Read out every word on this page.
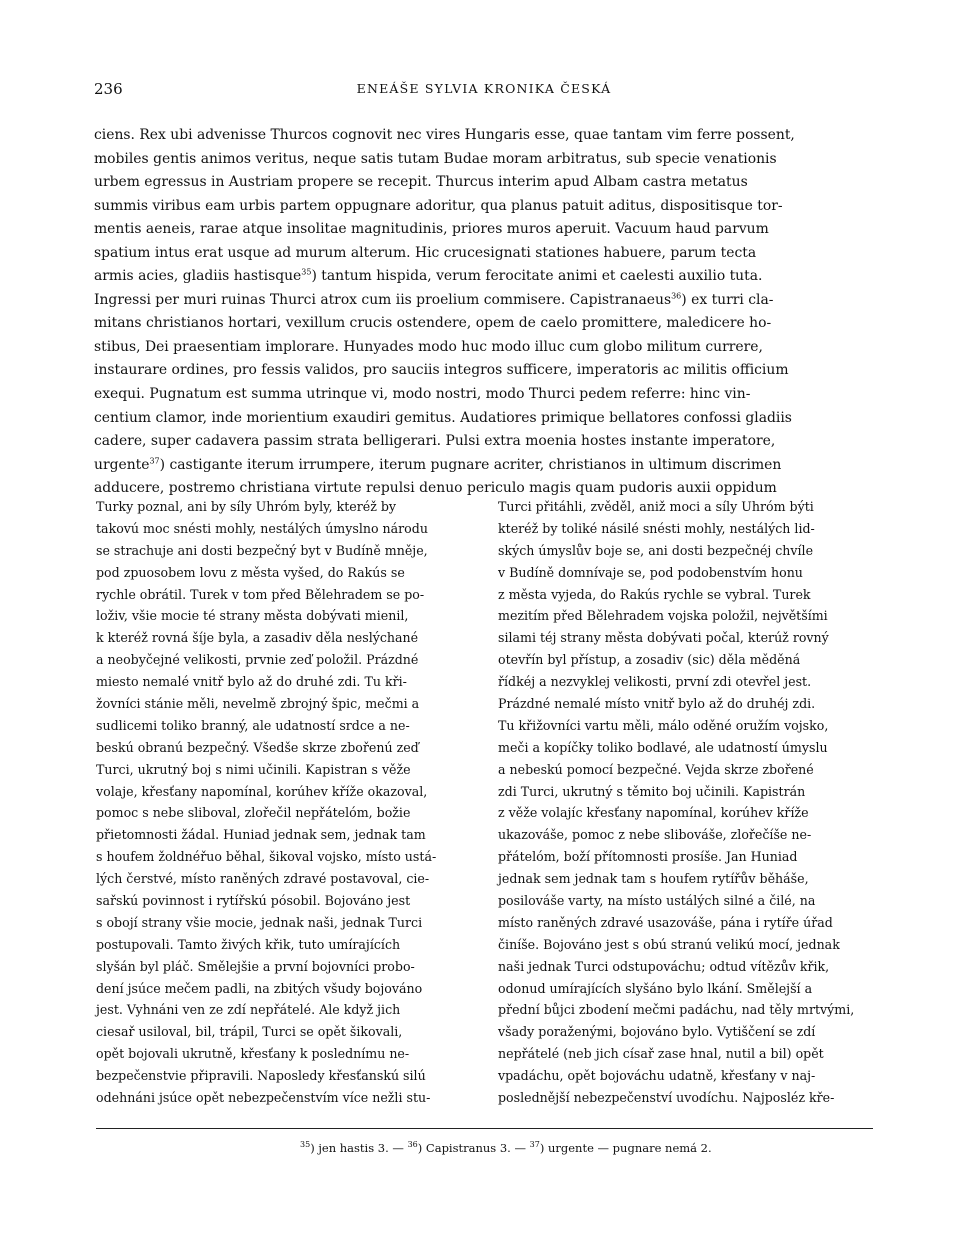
236	ENEÁŠE SYLVIA KRONIKA ČESKÁ
ciens. Rex ubi advenisse Thurcos cognovit nec vires Hungaris esse, quae tantam vim ferre possent,
mobiles gentis animos veritus, neque satis tutam Budae moram arbitratus, sub specie venationis
urbem egressus in Austriam propere se recepit. Thurcus interim apud Albam castra metatus
summis viribus eam urbis partem oppugnare adoritur, qua planus patuit aditus, dispositisque tor-
mentis aeneis, rarae atque insolitae magnitudinis, priores muros aperuit. Vacuum haud parvum
spatium intus erat usque ad murum alterum. Hic crucesignati stationes habuere, parum tecta
armis acies, gladiis hastisque$^{35}$) tantum hispida, verum ferocitate animi et caelesti auxilio tuta.
Ingressi per muri ruinas Thurci atrox cum iis proelium commisere. Capistranaeus$^{36}$) ex turri cla-
mitans christianos hortari, vexillum crucis ostendere, opem de caelo promittere, maledicere ho-
stibus, Dei praesentiam implorare. Hunyades modo huc modo illuc cum globo militum currere,
instaurare ordines, pro fessis validos, pro sauciis integros sufficere, imperatoris ac militis officium
exequi. Pugnatum est summa utrinque vi, modo nostri, modo Thurci pedem referre: hinc vin-
centium clamor, inde morientium exaudiri gemitus. Audatiores primique bellatores confossi gladiis
cadere, super cadavera passim strata belligerari. Pulsi extra moenia hostes instante imperatore,
urgente$^{37}$) castigante iterum irrumpere, iterum pugnare acriter, christianos in ultimum discrimen
adducere, postremo christiana virtute repulsi denuo periculo magis quam pudoris auxii oppidum
Turky poznal, ani by síly Uhróm byly, kteréž by
takovú moc snésti mohly, nestálých úmyslno národu
se strachuje ani dosti bezpečný byt v Budíně mněje,
pod zpuosobem lovu z města vyšed, do Rakús se
rychle obrátil. Turek v tom před Bělehradem se po-
loživ, všie mocie té strany města dobývati mienil,
k kteréž rovná šíje byla, a zasadiv děla neslýchané
a neobyčejné velikosti, prvnie zeď položil. Prázdné
miesto nemalé vnitř bylo až do druhé zdi. Tu kři-
žovníci stánie měli, nevelmě zbrojný špic, mečmi a
sudlicemi toliko branný, ale udatností srdce a ne-
beskú obranú bezpečný. Všedše skrze zbořenú zeď
Turci, ukrutný boj s nimi učinili. Kapistran s věže
volaje, křesťany napomínal, korúhev kříže okazoval,
pomoc s nebe sliboval, zlořečil nepřátelóm, božie
přietomnosti žádal. Huniad jednak sem, jednak tam
s houfem žoldnéřuo běhal, šikoval vojsko, místo ustá-
lých čerstvé, místo raněných zdravé postavoval, cie-
sařskú povinnost i rytířskú pósobil. Bojováno jest
s obojí strany všie mocie, jednak naši, jednak Turci
postupovali. Tamto živých křik, tuto umírajících
slyšán byl pláč. Smělejšie a první bojovníci probo-
dení jsúce mečem padli, na zbitých všudy bojováno
jest. Vyhnáni ven ze zdí nepřátelé. Ale když jich
ciesař usiloval, bil, trápil, Turci se opět šikovali,
opět bojovali ukrutně, křesťany k poslednímu ne-
bezpečenstvie připravili. Naposledy křesťanskú silú
odehnáni jsúce opět nebezpečenstvím více nežli stu-
Turci přitáhli, zvěděl, aniž moci a síly Uhróm býti
kteréž by toliké násilé snésti mohly, nestálých lid-
ských úmyslův boje se, ani dosti bezpečnéj chvíle
v Budíně domnívaje se, pod podobenstvím honu
z města vyjeda, do Rakús rychle se vybral. Turek
mezitím před Bělehradem vojska položil, největšími
silami téj strany města dobývati počal, kterúž rovný
otevřín byl přístup, a zosadiv (sic) děla měděná
řídkéj a nezvyklej velikosti, první zdi otevřel jest.
Prázdné nemalé místo vnitř bylo až do druhéj zdi.
Tu křižovníci vartu měli, málo oděné oružím vojsko,
meči a kopíčky toliko bodlavé, ale udatností úmyslu
a nebeskú pomocí bezpečné. Vejda skrze zbořené
zdi Turci, ukrutný s těmito boj učinili. Kapistrán
z věže volajíc křesťany napomínal, korúhev kříže
ukazováše, pomoc z nebe slibováše, zlořečíše ne-
přátelóm, boží přítomnosti prosíše. Jan Huniad
jednak sem jednak tam s houfem rytířův běháše,
posilováše varty, na místo ustálých silné a čilé, na
místo raněných zdravé usazováše, pána i rytíře úřad
činíše. Bojováno jest s obú stranú velikú mocí, jednak
naši jednak Turci odstupováchu; odtud vítězův křik,
odonud umírajících slyšáno bylo lkání. Smělejší a
přední bůjci zbodení mečmi padáchu, nad těly mrtvými,
všady poraženými, bojováno bylo. Vytiščení se zdí
nepřátelé (neb jich císař zase hnal, nutil a bil) opět
vpadáchu, opět bojováchu udatně, křesťany v naj-
poslednější nebezpečenství uvodíchu. Najposléz kře-
$^{35}$) jen hastis 3. — $^{36}$) Capistranus 3. — $^{37}$) urgente — pugnare nemá 2.
